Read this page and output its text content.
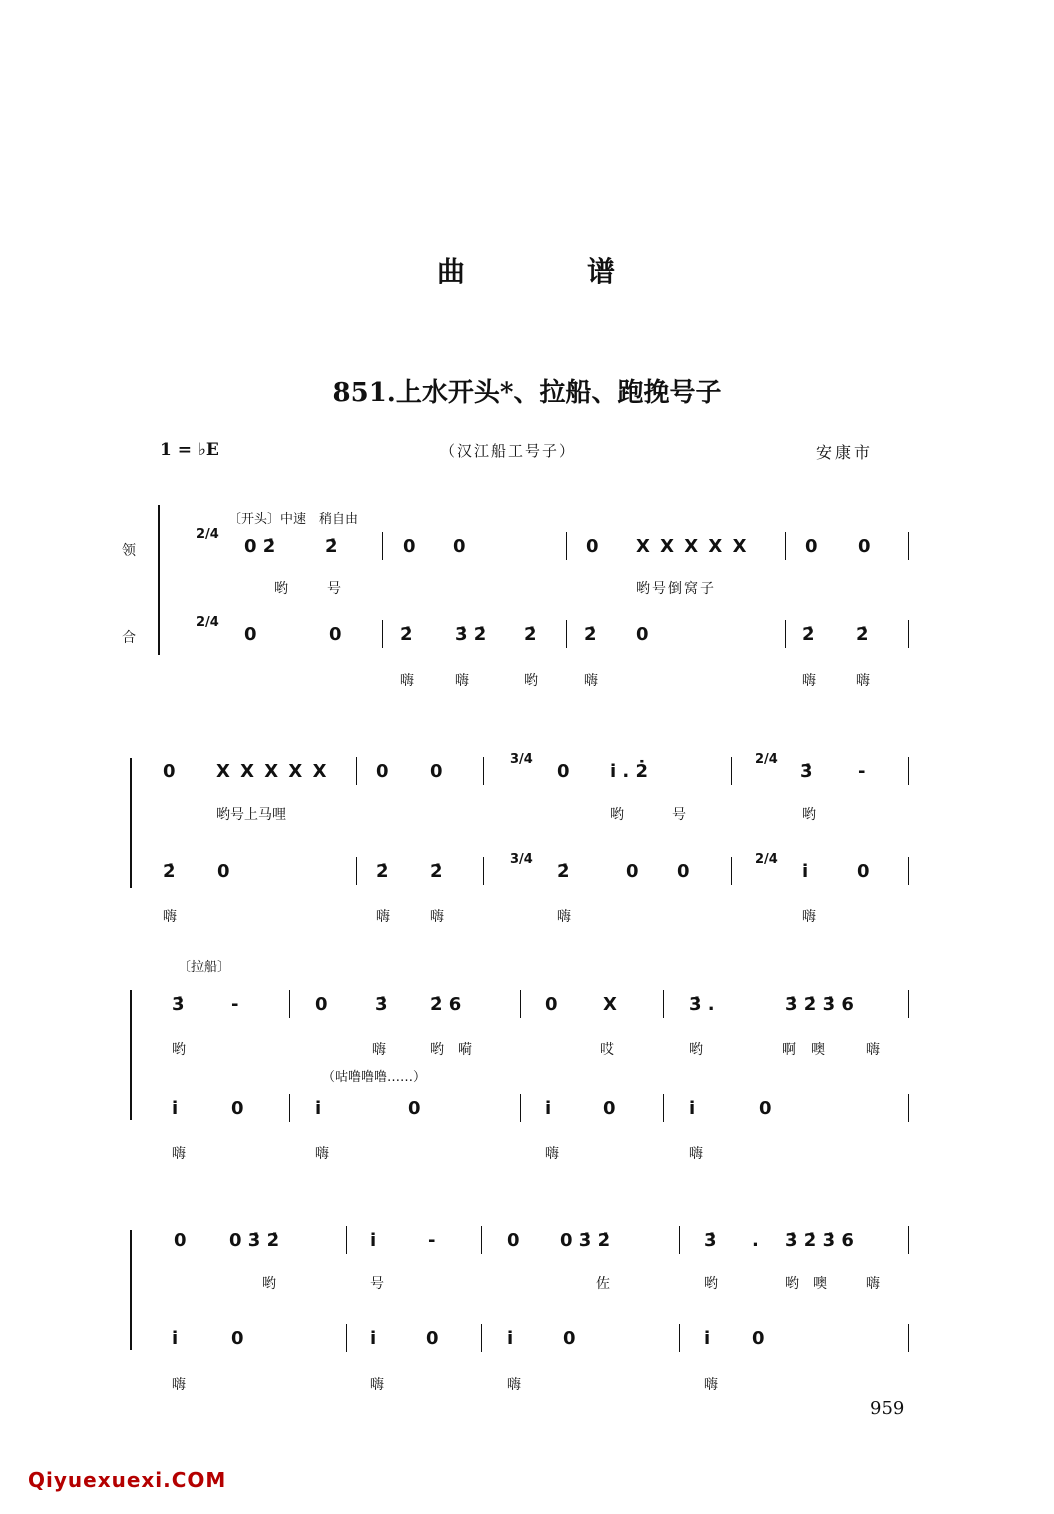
曲	谱
851.上水开头*、拉船、跑挽号子
1 = ♭E	（汉江船工号子）	安康市
〔开头〕中速　稍自由
领
合
2/4
0 2̇	2̇	0 0	0 X X X X X	0 0
哟	号	哟号倒窝子
2/4
0	0	2̇ 3̇ 2̇ 2̇	2̇ 0	2̇ 2̇
嗨	嗨	哟	嗨	嗨	嗨
0 X X X X X	0 0
3/4
0 i . 2̇
2/4
3̇	-
哟号上马哩	哟	号	哟
2̇ 0	2̇ 2̇
3/4
2̇	0 0
2/4
i	0
嗨	嗨	嗨	嗨	嗨
〔拉船〕
3̇	-	0	3̇ 2̇ 6	0	X	3̇ .	3̇ 2̇ 3̇ 6
哟	嗨	哟 嗬	哎	哟	啊 噢	嗨
（咕噜噜噜……）
i	0	i	0	i	0	i	0
嗨	嗨	嗨	嗨
0 0 3̇ 2̇	i	-	0 0 3̇ 2̇	3̇ . 3̇ 2̇ 3̇ 6
哟	号	佐	哟	哟 噢	嗨
i	0	i	0	i	0	i 0
嗨	嗨	嗨	嗨
959
Qiyuexuexi.COM
